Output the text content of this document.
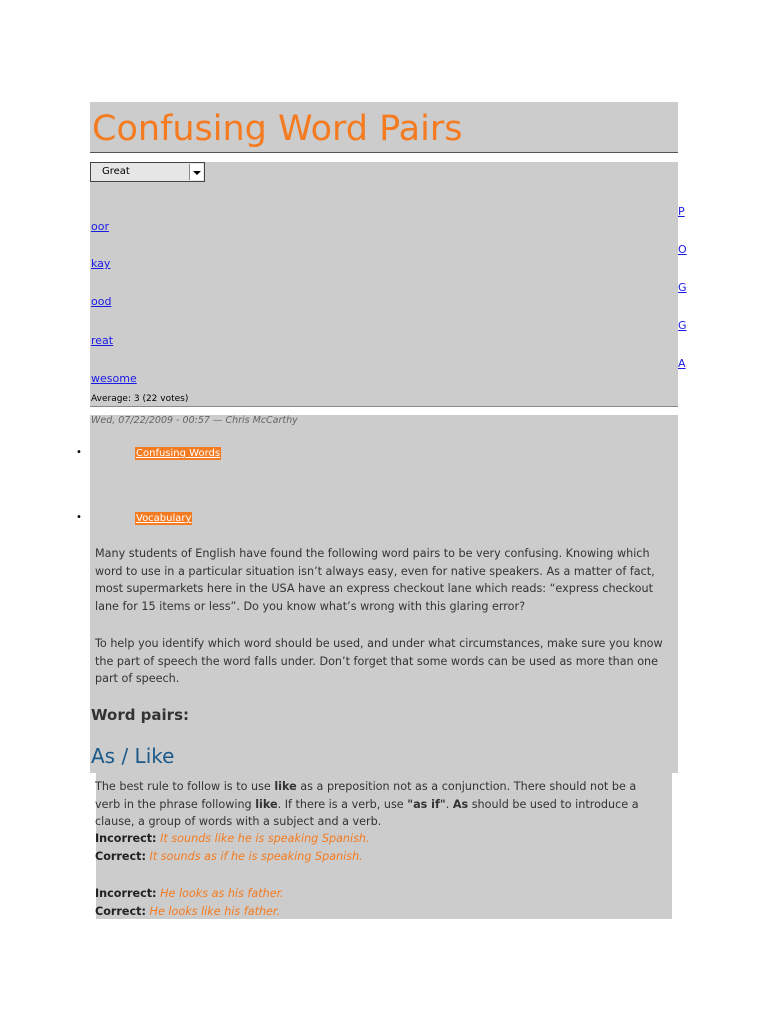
Confusing Word Pairs
Great
oor
kay
ood
reat
wesome
P
O
G
G
A
Average: 3 (22 votes)
Wed, 07/22/2009 - 00:57 — Chris McCarthy
•	Confusing Words
•	Vocabulary
Many students of English have found the following word pairs to be very confusing. Knowing which word to use in a particular situation isn’t always easy, even for native speakers. As a matter of fact, most supermarkets here in the USA have an express checkout lane which reads: “express checkout lane for 15 items or less”. Do you know what’s wrong with this glaring error?
To help you identify which word should be used, and under what circumstances, make sure you know the part of speech the word falls under. Don’t forget that some words can be used as more than one part of speech.
Word pairs:
As / Like
The best rule to follow is to use like as a preposition not as a conjunction. There should not be a verb in the phrase following like. If there is a verb, use "as if". As should be used to introduce a clause, a group of words with a subject and a verb.
Incorrect: It sounds like he is speaking Spanish.
Correct: It sounds as if he is speaking Spanish.
Incorrect: He looks as his father.
Correct: He looks like his father.
